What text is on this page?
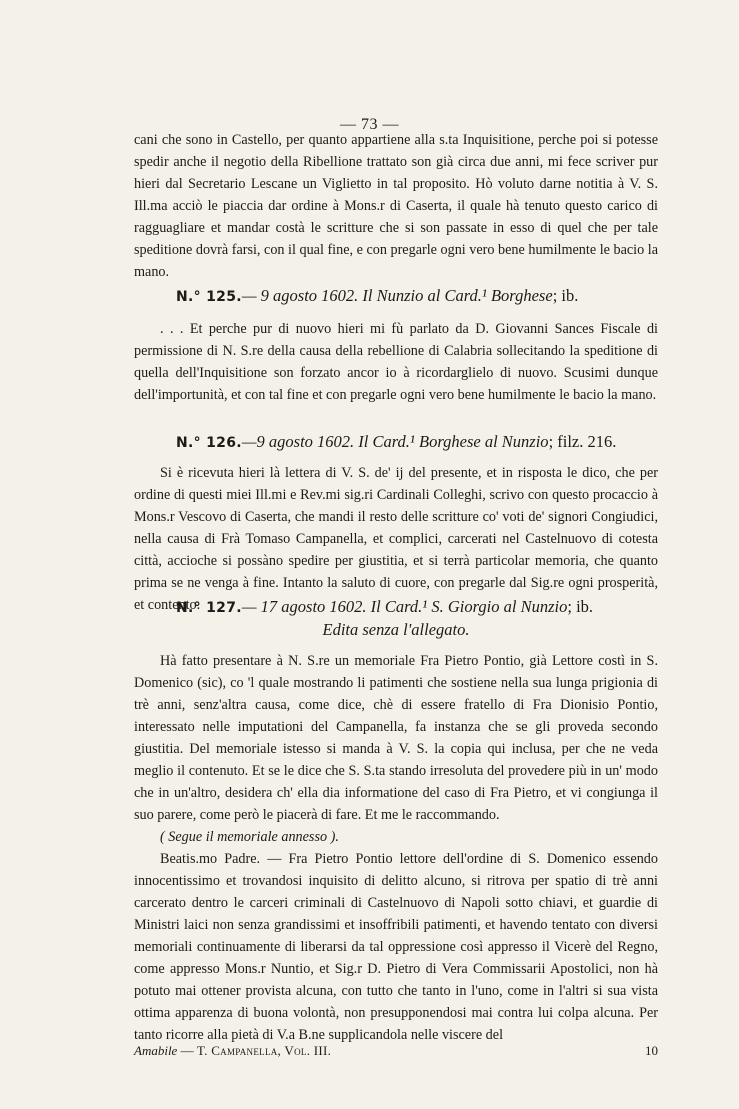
— 73 —

cani che sono in Castello, per quanto appartiene alla s.ta Inquisitione, perche poi si potesse spedir anche il negotio della Ribellione trattato son già circa due anni, mi fece scriver pur hieri dal Secretario Lescane un Viglietto in tal proposito. Hò voluto darne notitia à V. S. Ill.ma acciò le piaccia dar ordine à Mons.r di Caserta, il quale hà tenuto questo carico di ragguagliare et mandar costà le scritture che si son passate in esso di quel che per tale speditione dovrà farsi, con il qual fine, e con pregarle ogni vero bene humilmente le bacio la mano.

N.° 125.— 9 agosto 1602. Il Nunzio al Card.¹ Borghese; ib.

. . . Et perche pur di nuovo hieri mi fù parlato da D. Giovanni Sances Fiscale di permissione di N. S.re della causa della rebellione di Calabria sollecitando la speditione di quella dell'Inquisitione son forzato ancor io à ricordarglielo di nuovo. Scusimi dunque dell'importunità, et con tal fine et con pregarle ogni vero bene humilmente le bacio la mano.

N.° 126.—9 agosto 1602. Il Card.¹ Borghese al Nunzio; filz. 216.

Si è ricevuta hieri là lettera di V. S. de' ij del presente, et in risposta le dico, che per ordine di questi miei Ill.mi e Rev.mi sig.ri Cardinali Colleghi, scrivo con questo procaccio à Mons.r Vescovo di Caserta, che mandi il resto delle scritture co' voti de' signori Congiudici, nella causa di Frà Tomaso Campanella, et complici, carcerati nel Castelnuovo di cotesta città, accioche si possàno spedire per giustitia, et si terrà particolar memoria, che quanto prima se ne venga à fine. Intanto la saluto di cuore, con pregarle dal Sig.re ogni prosperità, et contento.

N.° 127.— 17 agosto 1602. Il Card.¹ S. Giorgio al Nunzio; ib.
Edita senza l'allegato.

Hà fatto presentare à N. S.re un memoriale Fra Pietro Pontio, già Lettore costì in S. Domenico (sic), co 'l quale mostrando li patimenti che sostiene nella sua lunga prigionia di trè anni, senz'altra causa, come dice, chè di essere fratello di Fra Dionisio Pontio, interessato nelle imputationi del Campanella, fa instanza che se gli proveda secondo giustitia. Del memoriale istesso si manda à V. S. la copia qui inclusa, per che ne veda meglio il contenuto. Et se le dice che S. S.ta stando irresoluta del provedere più in un' modo che in un'altro, desidera ch' ella dia informatione del caso di Fra Pietro, et vi congiunga il suo parere, come però le piacerà di fare. Et me le raccommando.

( Segue il memoriale annesso ).

Beatis.mo Padre. — Fra Pietro Pontio lettore dell'ordine di S. Domenico essendo innocentissimo et trovandosi inquisito di delitto alcuno, si ritrova per spatio di trè anni carcerato dentro le carceri criminali di Castelnuovo di Napoli sotto chiavi, et guardie di Ministri laici non senza grandissimi et insoffribili patimenti, et havendo tentato con diversi memoriali continuamente di liberarsi da tal oppressione così appresso il Vicerè del Regno, come appresso Mons.r Nuntio, et Sig.r D. Pietro di Vera Commissarii Apostolici, non hà potuto mai ottener provista alcuna, con tutto che tanto in l'uno, come in l'altri si sua vista ottima apparenza di buona volontà, non presupponendosi mai contra lui colpa alcuna. Per tanto ricorre alla pietà di V.a B.ne supplicandola nelle viscere del

Amabile — T. Campanella, Vol. III.	10
